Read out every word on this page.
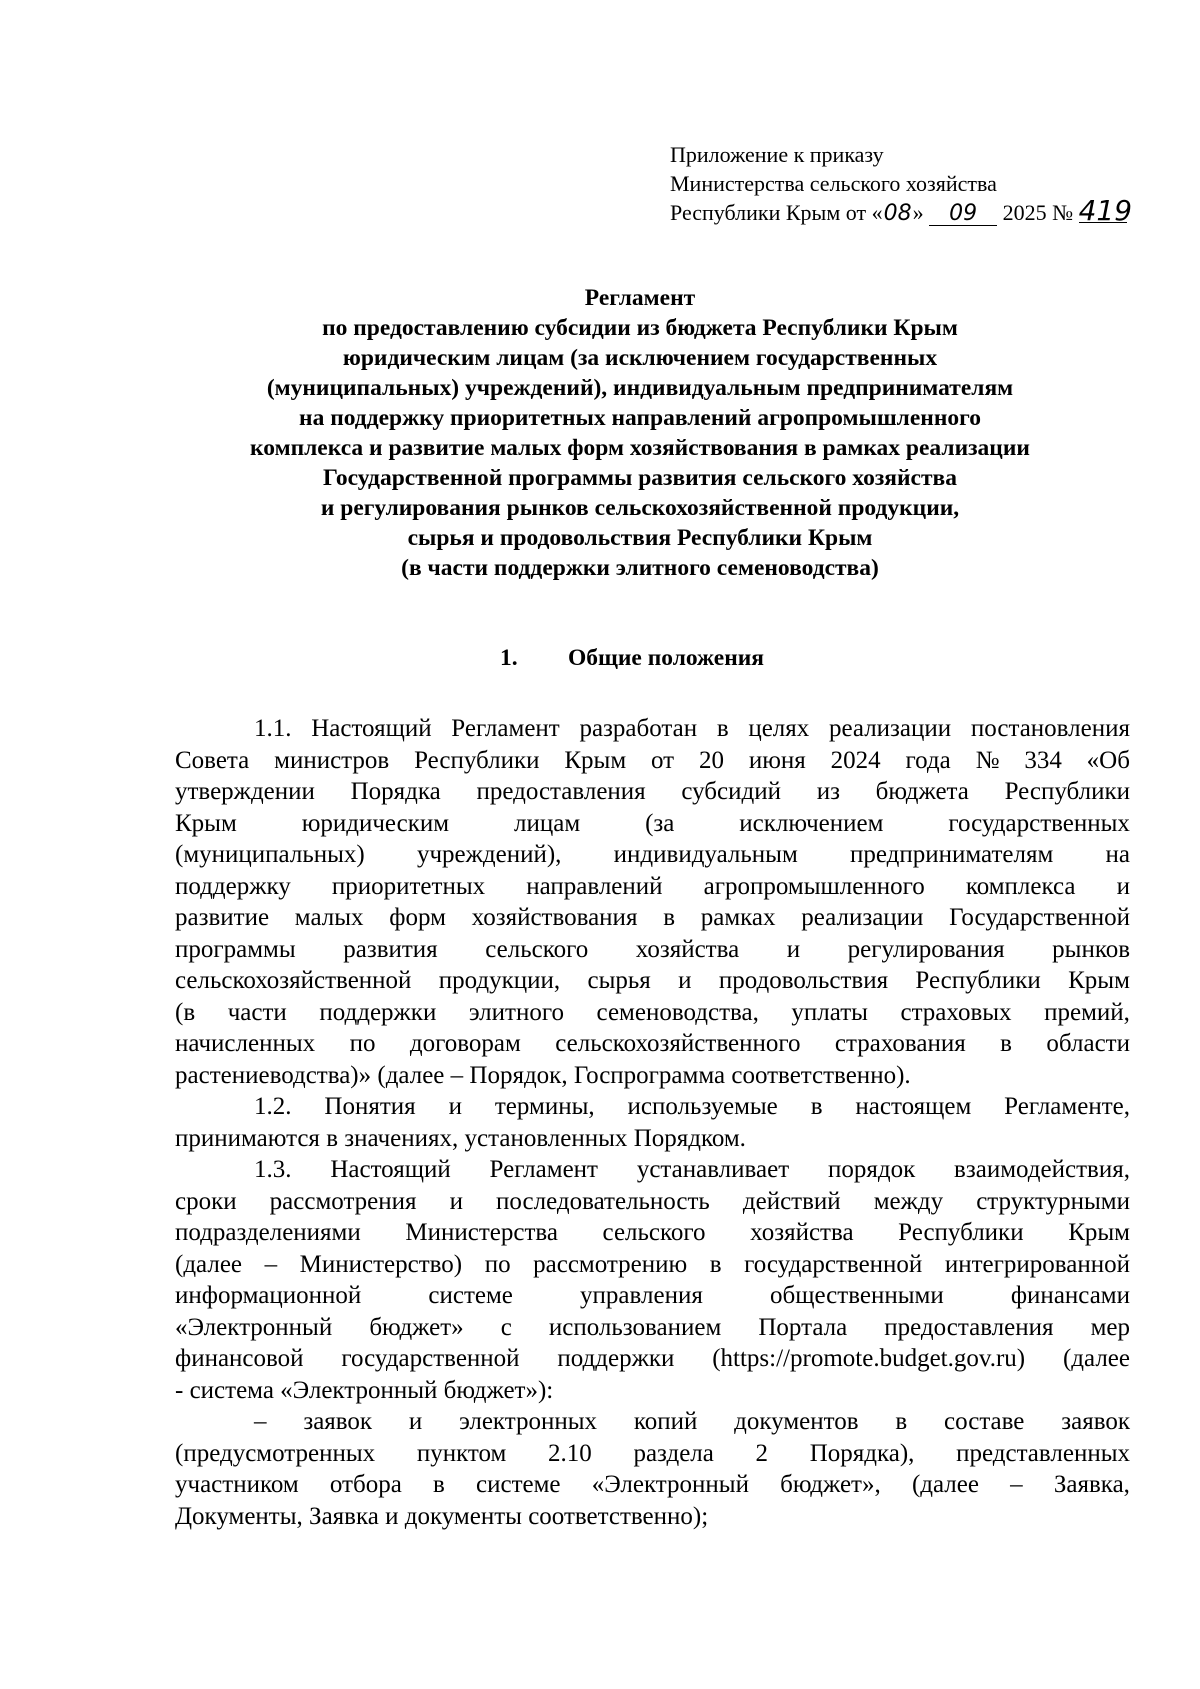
Приложение к приказу
Министерства сельского хозяйства
Республики Крым от «08» 09 2025 № 419
Регламент
по предоставлению субсидии из бюджета Республики Крым
юридическим лицам (за исключением государственных
(муниципальных) учреждений), индивидуальным предпринимателям
на поддержку приоритетных направлений агропромышленного
комплекса и развитие малых форм хозяйствования в рамках реализации
Государственной программы развития сельского хозяйства
и регулирования рынков сельскохозяйственной продукции,
сырья и продовольствия Республики Крым
(в части поддержки элитного семеноводства)
1. Общие положения
1.1. Настоящий Регламент разработан в целях реализации постановления
Совета министров Республики Крым от 20 июня 2024 года № 334 «Об
утверждении Порядка предоставления субсидий из бюджета Республики
Крым	юридическим	лицам	(за	исключением	государственных
(муниципальных) учреждений), индивидуальным предпринимателям на
поддержку приоритетных направлений агропромышленного комплекса и
развитие малых форм хозяйствования в рамках реализации Государственной
программы развития сельского хозяйства и регулирования рынков
сельскохозяйственной продукции, сырья и продовольствия Республики Крым
(в части поддержки элитного семеноводства, уплаты страховых премий,
начисленных по договорам сельскохозяйственного страхования в области
растениеводства)» (далее – Порядок, Госпрограмма соответственно).
1.2. Понятия и термины, используемые в настоящем Регламенте,
принимаются в значениях, установленных Порядком.
1.3. Настоящий Регламент устанавливает порядок взаимодействия,
сроки рассмотрения и последовательность действий между структурными
подразделениями Министерства сельского хозяйства Республики Крым
(далее – Министерство) по рассмотрению в государственной интегрированной
информационной	системе	управления	общественными	финансами
«Электронный бюджет» с использованием Портала предоставления мер
финансовой государственной поддержки (https://promote.budget.gov.ru) (далее
- система «Электронный бюджет»):
– заявок и электронных копий документов в составе заявок
(предусмотренных пунктом 2.10 раздела 2 Порядка), представленных
участником отбора в системе «Электронный бюджет», (далее – Заявка,
Документы, Заявка и документы соответственно);
